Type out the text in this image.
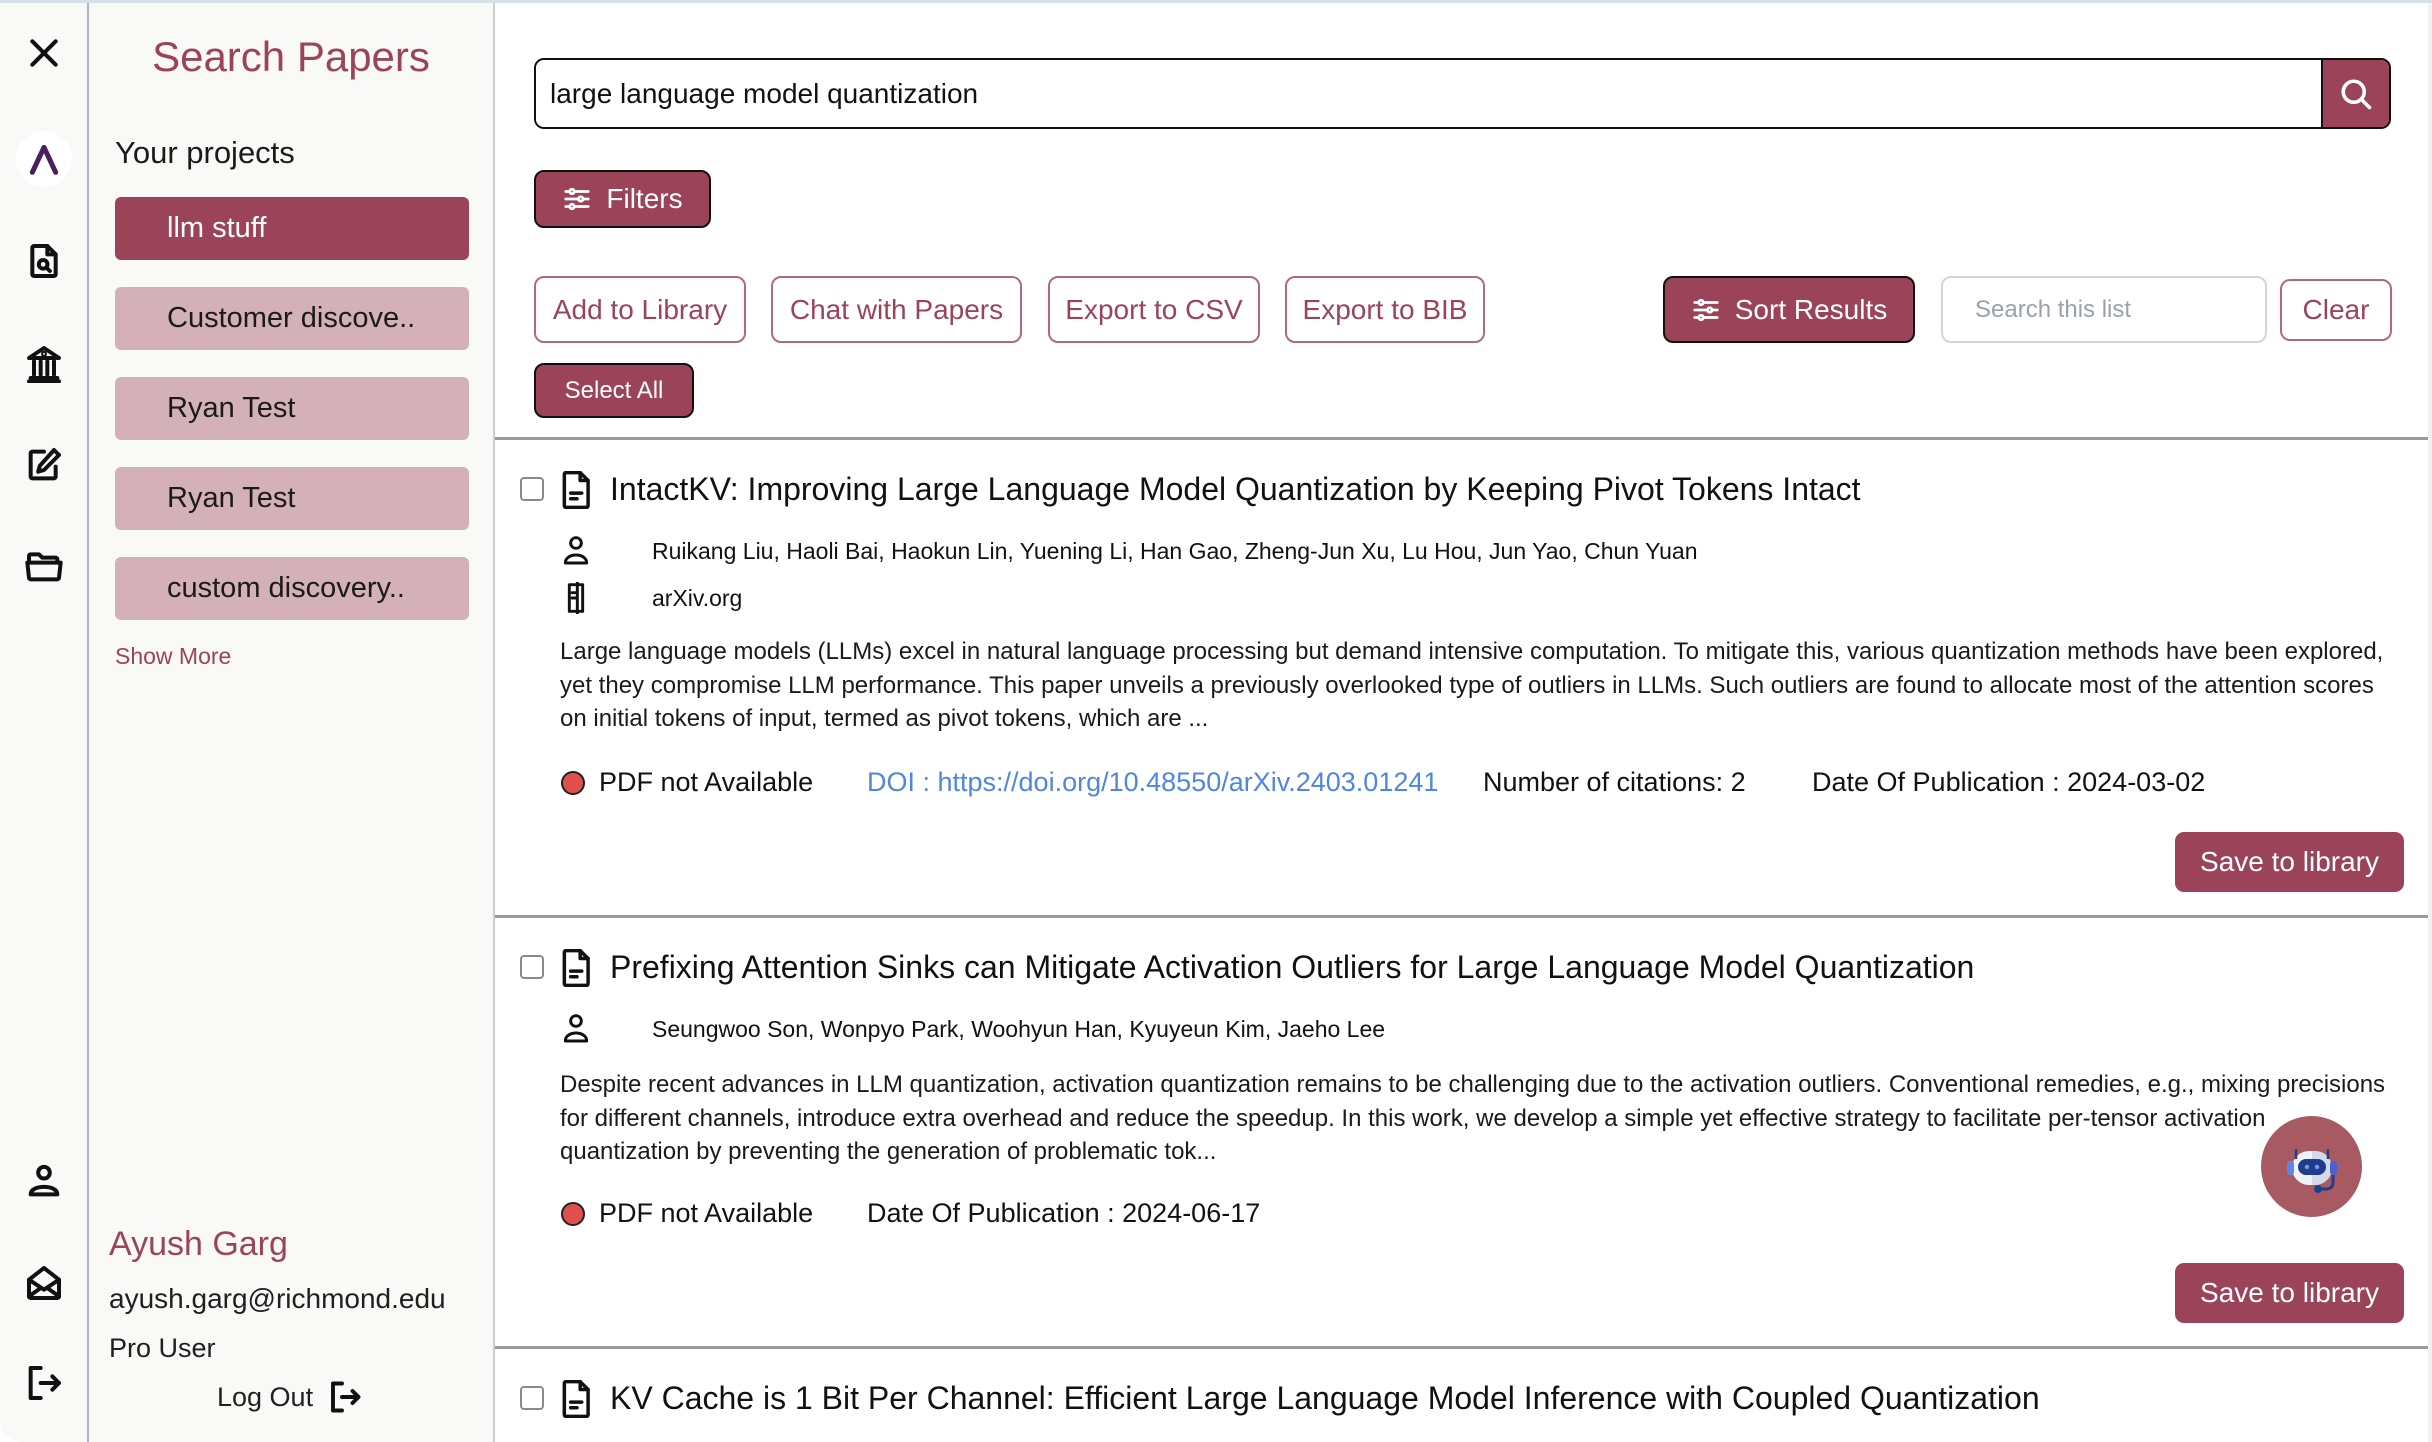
Search Papers
Your projects
llm stuff
Customer discove..
Ryan Test
Ryan Test
custom discovery..
Show More
Ayush Garg
ayush.garg@richmond.edu
Pro User
Log Out
large language model quantization
Filters
Add to Library	Chat with Papers	Export to CSV	Export to BIB	Sort Results
Search this list	Clear
Select All
IntactKV: Improving Large Language Model Quantization by Keeping Pivot Tokens Intact
Ruikang Liu, Haoli Bai, Haokun Lin, Yuening Li, Han Gao, Zheng-Jun Xu, Lu Hou, Jun Yao, Chun Yuan
arXiv.org

Large language models (LLMs) excel in natural language processing but demand intensive computation. To mitigate this, various quantization methods have been explored, yet they compromise LLM performance. This paper unveils a previously overlooked type of outliers in LLMs. Such outliers are found to allocate most of the attention scores on initial tokens of input, termed as pivot tokens, which are ...

PDF not Available DOI : https://doi.org/10.48550/arXiv.2403.01241 Number of citations: 2 Date Of Publication : 2024-03-02
Save to library
Prefixing Attention Sinks can Mitigate Activation Outliers for Large Language Model Quantization
Seungwoo Son, Wonpyo Park, Woohyun Han, Kyuyeun Kim, Jaeho Lee

Despite recent advances in LLM quantization, activation quantization remains to be challenging due to the activation outliers. Conventional remedies, e.g., mixing precisions for different channels, introduce extra overhead and reduce the speedup. In this work, we develop a simple yet effective strategy to facilitate per-tensor activation quantization by preventing the generation of problematic tok...

PDF not Available Date Of Publication : 2024-06-17
Save to library
KV Cache is 1 Bit Per Channel: Efficient Large Language Model Inference with Coupled Quantization
